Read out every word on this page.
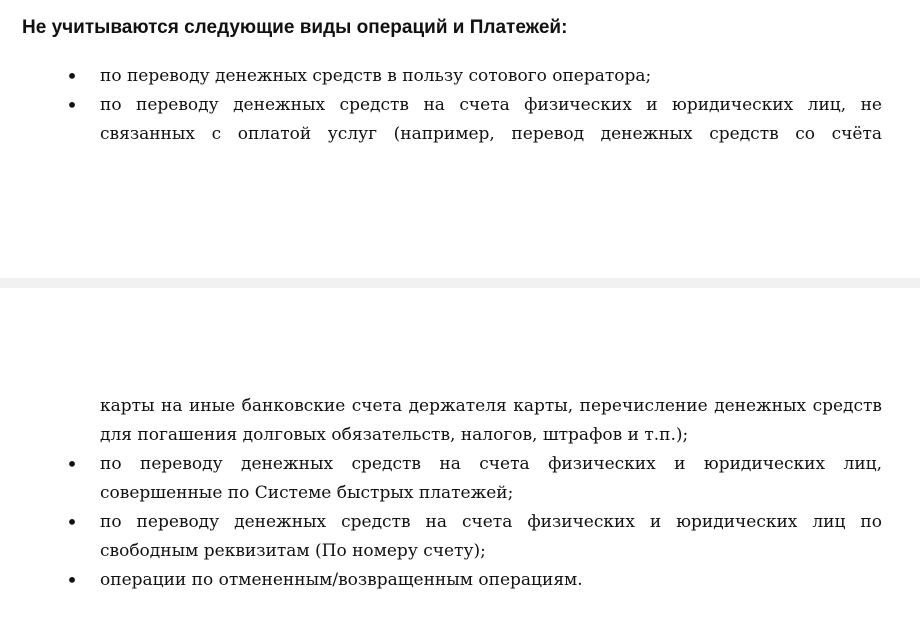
Не учитываются следующие виды операций и Платежей:
• по переводу денежных средств в пользу сотового оператора;
• по переводу денежных средств на счета физических и юридических лиц, не связанных с оплатой услуг (например, перевод денежных средств со счёта
карты на иные банковские счета держателя карты, перечисление денежных средств для погашения долговых обязательств, налогов, штрафов и т.п.);
• по переводу денежных средств на счета физических и юридических лиц, совершенные по Системе быстрых платежей;
• по переводу денежных средств на счета физических и юридических лиц по свободным реквизитам (По номеру счету);
• операции по отмененным/возвращенным операциям.
